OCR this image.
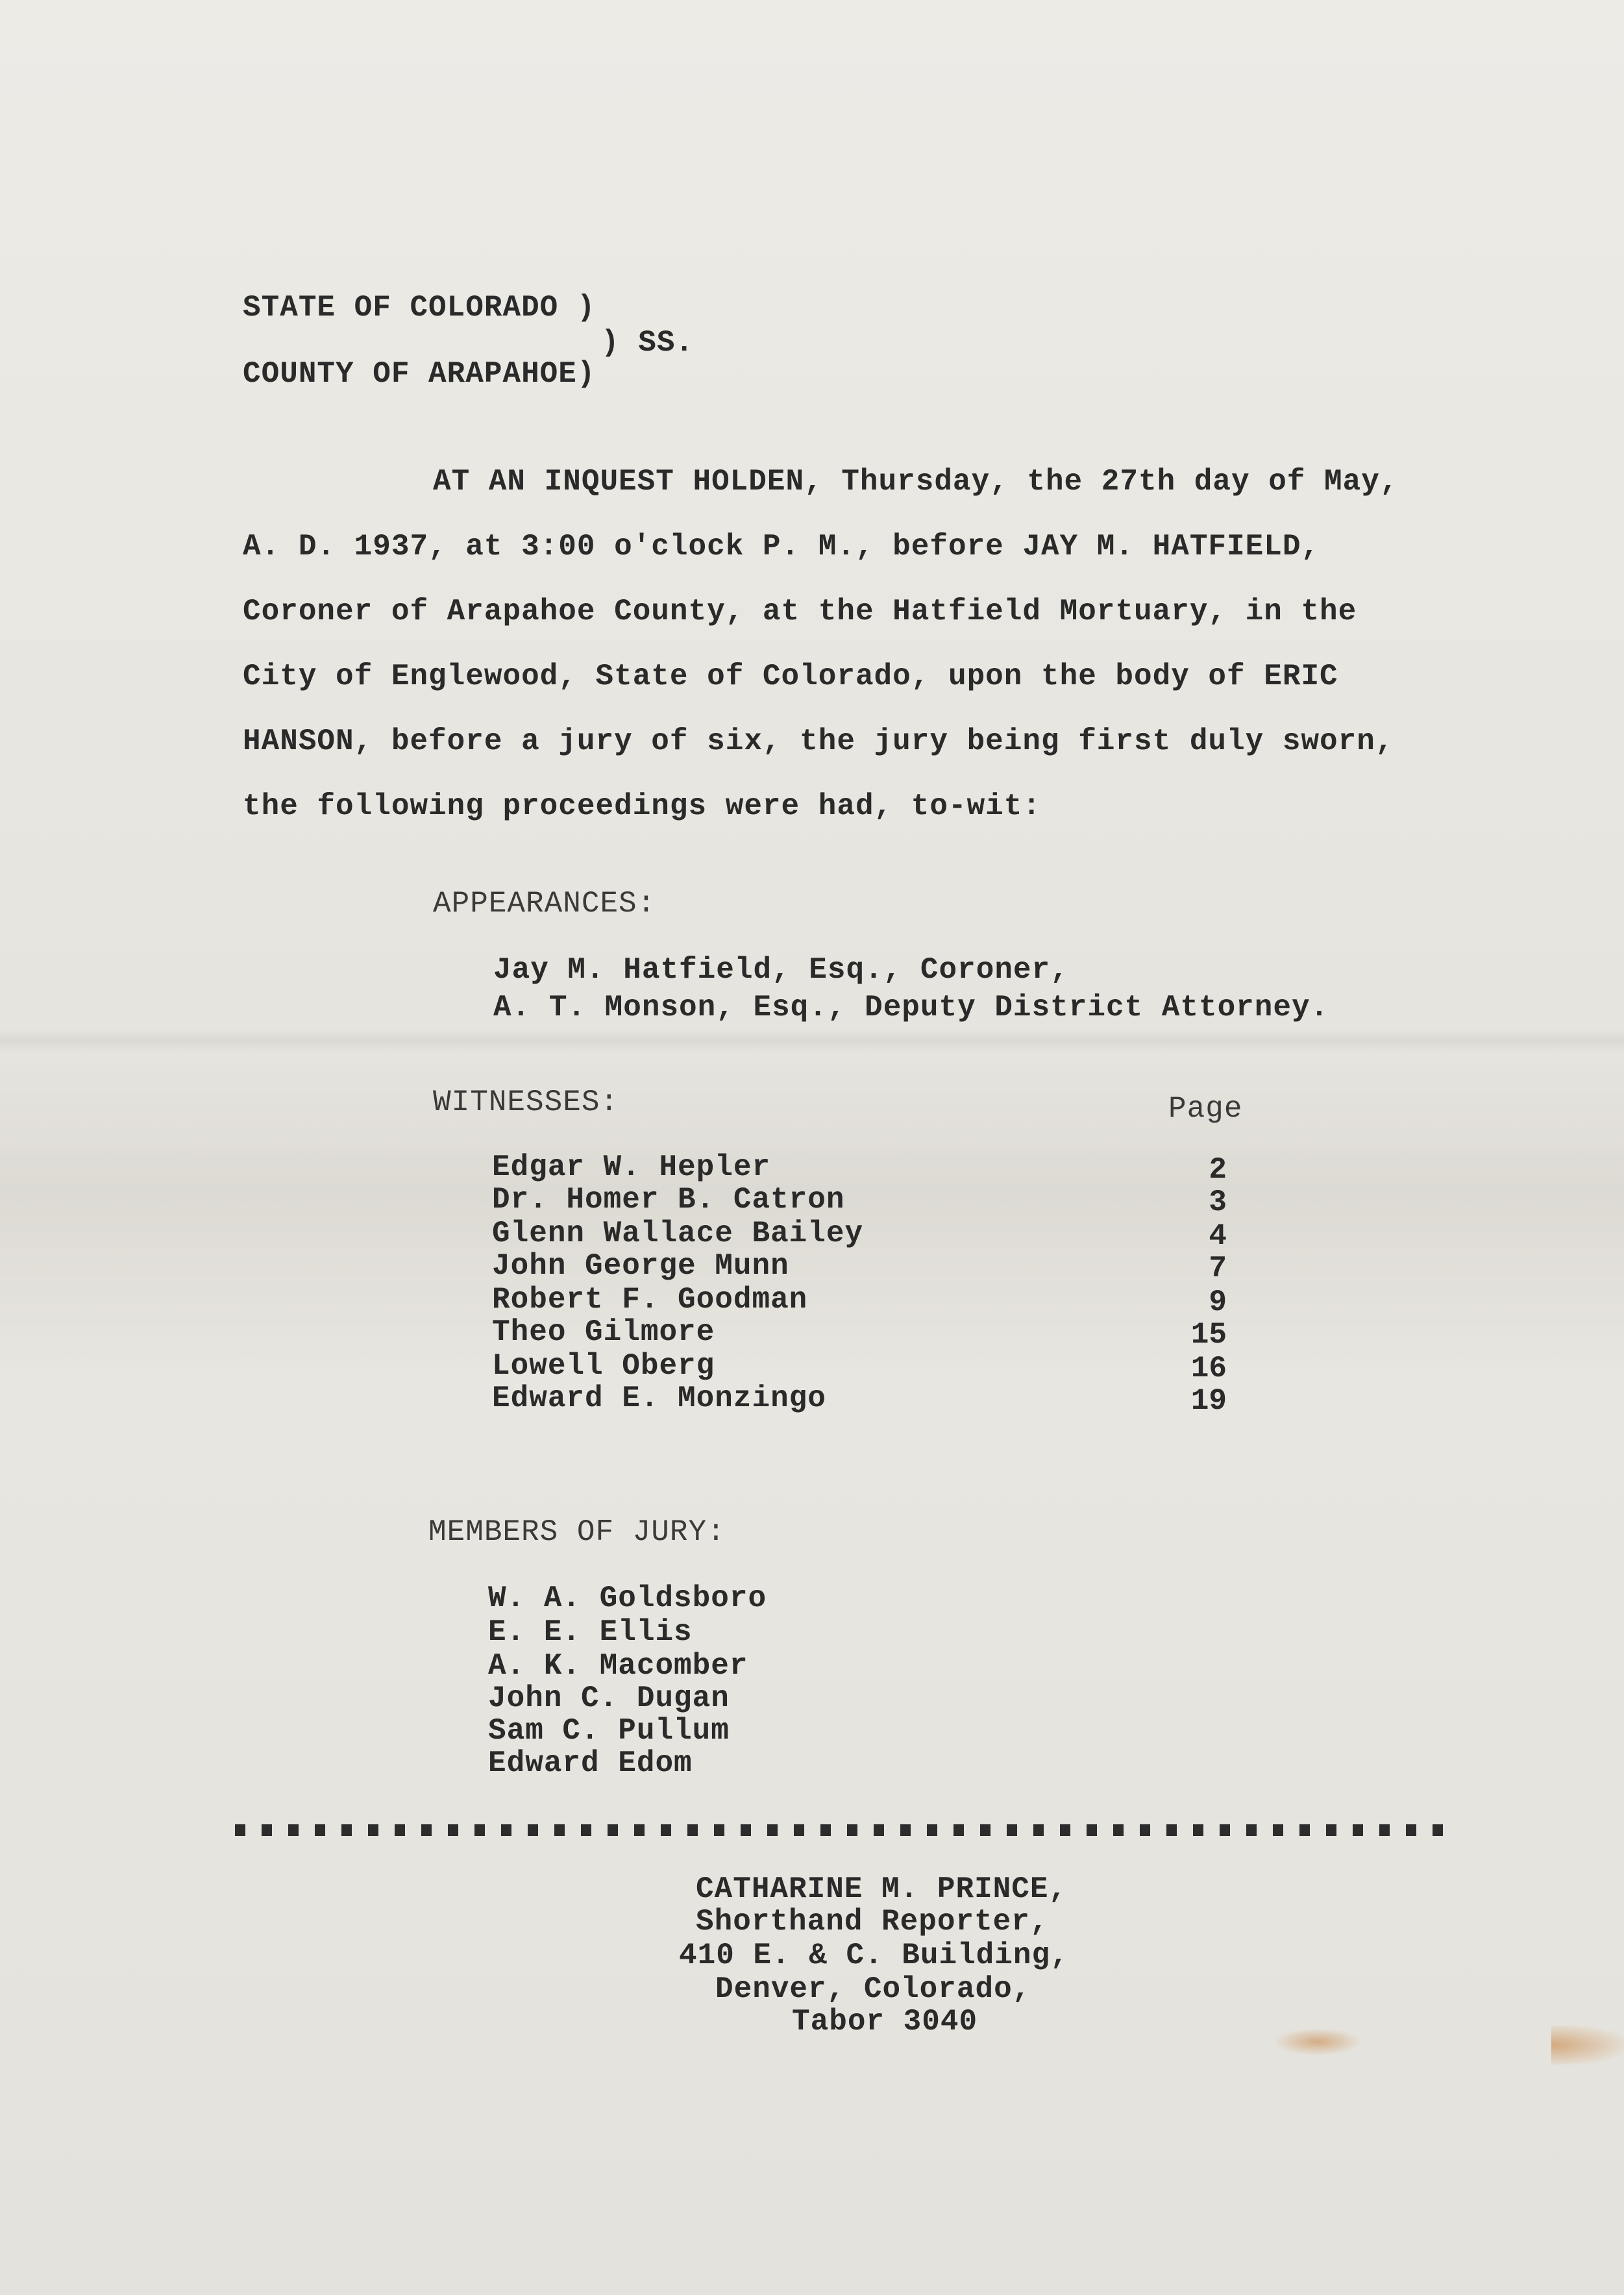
STATE OF COLORADO )
) SS.
COUNTY OF ARAPAHOE)
AT AN INQUEST HOLDEN, Thursday, the 27th day of May,
A. D. 1937, at 3:00 o'clock P. M., before JAY M. HATFIELD,
Coroner of Arapahoe County, at the Hatfield Mortuary, in the
City of Englewood, State of Colorado, upon the body of ERIC
HANSON, before a jury of six, the jury being first duly sworn,
the following proceedings were had, to-wit:
APPEARANCES:
Jay M. Hatfield, Esq., Coroner,
A. T. Monson, Esq., Deputy District Attorney.
WITNESSES:	Page
Edgar W. Hepler	2
Dr. Homer B. Catron	3
Glenn Wallace Bailey	4
John George Munn	7
Robert F. Goodman	9
Theo Gilmore	15
Lowell Oberg	16
Edward E. Monzingo	19
MEMBERS OF JURY:
W. A. Goldsboro
E. E. Ellis
A. K. Macomber
John C. Dugan
Sam C. Pullum
Edward Edom
CATHARINE M. PRINCE,
Shorthand Reporter,
410 E. & C. Building,
Denver, Colorado,
Tabor 3040
